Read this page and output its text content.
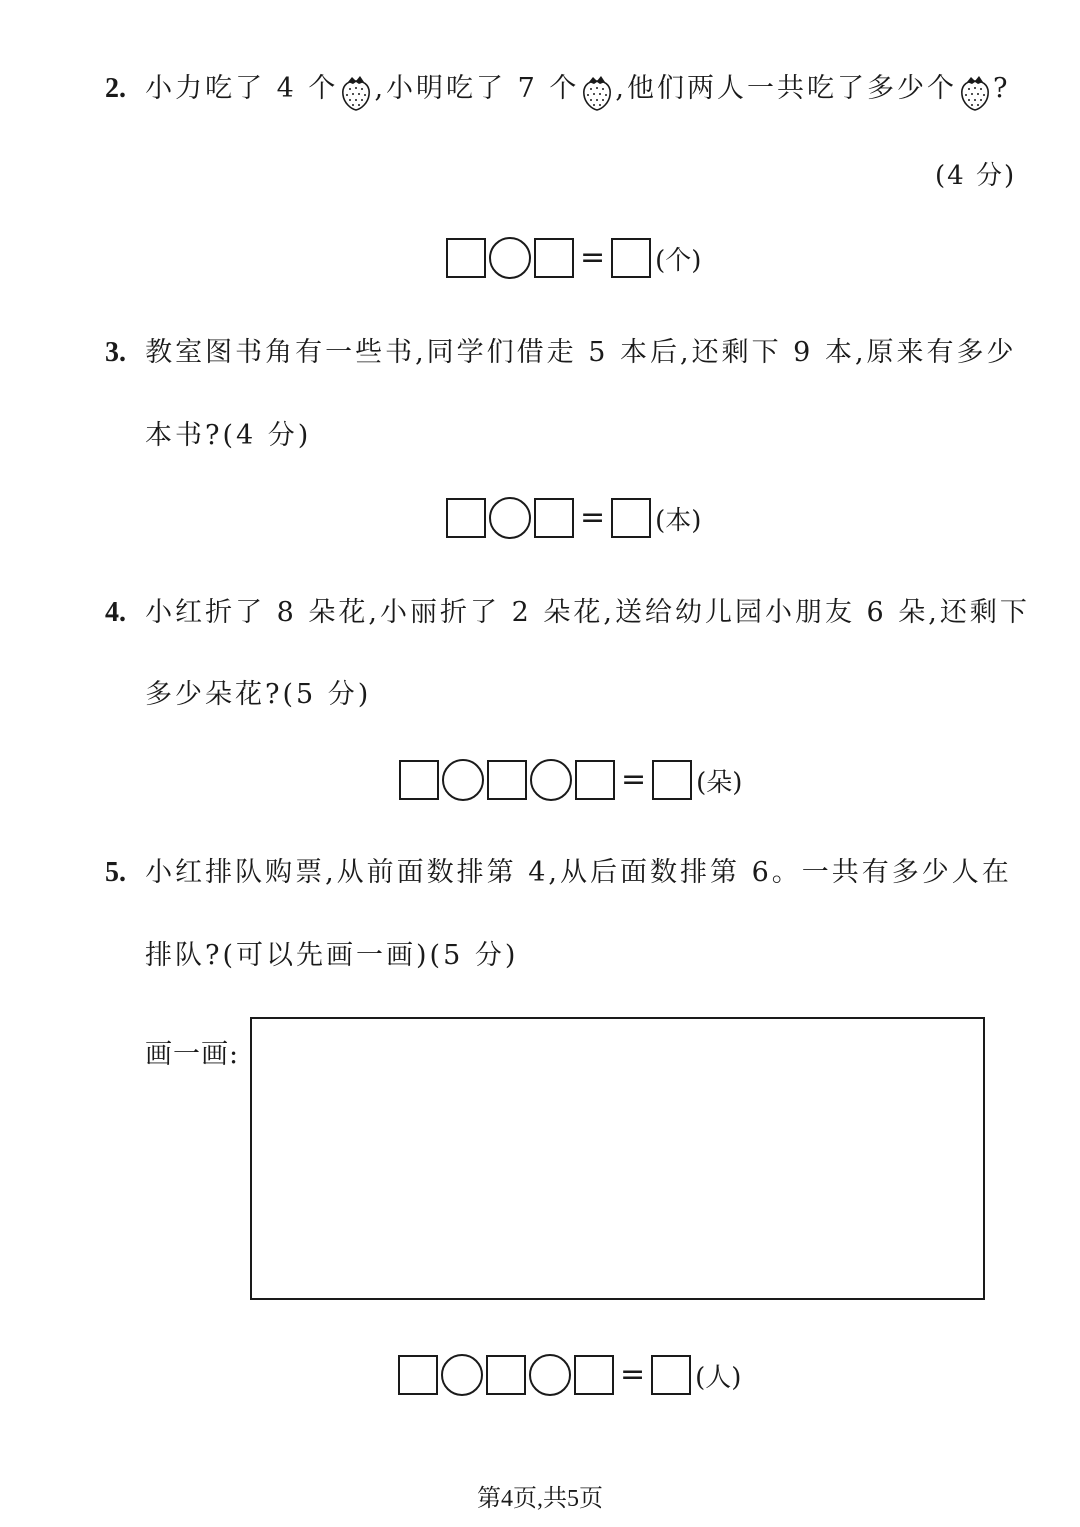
2. 小力吃了 4 个 ,小明吃了 7 个 ,他们两人一共吃了多少个 ?
(4 分)
= (个)
3. 教室图书角有一些书,同学们借走 5 本后,还剩下 9 本,原来有多少
本书?(4 分)
= (本)
4. 小红折了 8 朵花,小丽折了 2 朵花,送给幼儿园小朋友 6 朵,还剩下
多少朵花?(5 分)
= (朵)
5. 小红排队购票,从前面数排第 4,从后面数排第 6。一共有多少人在
排队?(可以先画一画)(5 分)
画一画:
= (人)
第4页,共5页
